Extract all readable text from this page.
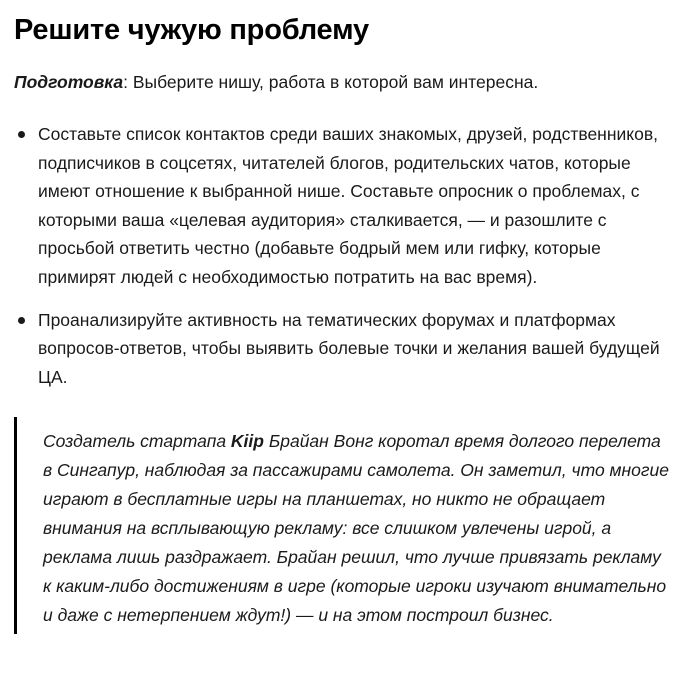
Решите чужую проблему

Подготовка: Выберите нишу, работа в которой вам интересна.

Составьте список контактов среди ваших знакомых, друзей, родственников, подписчиков в соцсетях, читателей блогов, родительских чатов, которые имеют отношение к выбранной нише. Составьте опросник о проблемах, с которыми ваша «целевая аудитория» сталкивается, — и разошлите с просьбой ответить честно (добавьте бодрый мем или гифку, которые примирят людей с необходимостью потратить на вас время).
Проанализируйте активность на тематических форумах и платформах вопросов-ответов, чтобы выявить болевые точки и желания вашей будущей ЦА.
Создатель стартапа Kiip Брайан Вонг коротал время долгого перелета в Сингапур, наблюдая за пассажирами самолета. Он заметил, что многие играют в бесплатные игры на планшетах, но никто не обращает внимания на всплывающую рекламу: все слишком увлечены игрой, а реклама лишь раздражает. Брайан решил, что лучше привязать рекламу к каким-либо достижениям в игре (которые игроки изучают внимательно и даже с нетерпением ждут!) — и на этом построил бизнес.
